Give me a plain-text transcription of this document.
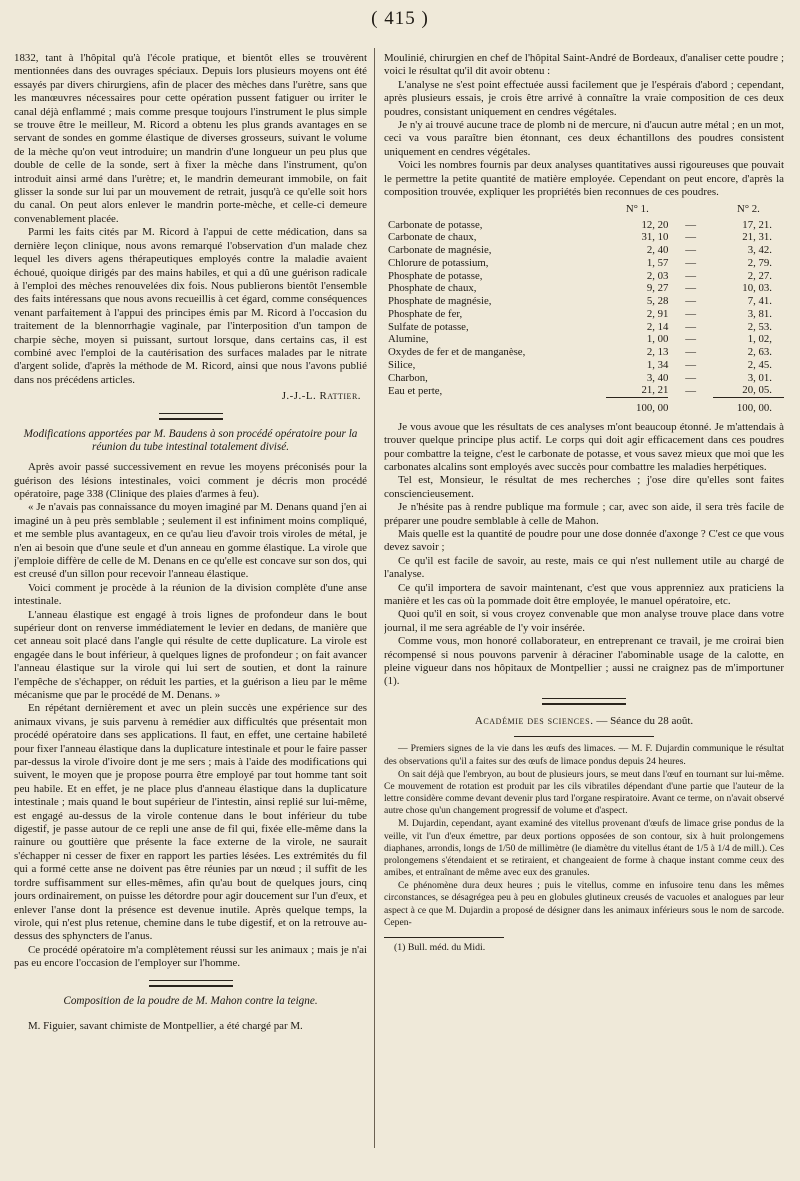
( 415 )

1832, tant à l'hôpital qu'à l'école pratique, et bientôt elles se trouvèrent mentionnées dans des ouvrages spéciaux. Depuis lors plusieurs moyens ont été essayés par divers chirurgiens, afin de placer des mèches dans l'urètre, sans que les manœuvres nécessaires pour cette opération pussent fatiguer ou irriter le canal déjà enflammé ; mais comme presque toujours l'instrument le plus simple se trouve être le meilleur, M. Ricord a obtenu les plus grands avantages en se servant de sondes en gomme élastique de diverses grosseurs, suivant le volume de la mèche qu'on veut introduire; un mandrin d'une longueur un peu plus que double de celle de la sonde, sert à fixer la mèche dans l'instrument, qu'on introduit ainsi armé dans l'urètre; et, le mandrin demeurant immobile, on fait glisser la sonde sur lui par un mouvement de retrait, jusqu'à ce qu'elle soit hors du canal. On peut alors enlever le mandrin porte-mèche, et celle-ci demeure convenablement placée.

Parmi les faits cités par M. Ricord à l'appui de cette médication, dans sa dernière leçon clinique, nous avons remarqué l'observation d'un malade chez lequel les divers agens thérapeutiques employés contre la maladie avaient échoué, quoique dirigés par des mains habiles, et qui a dû une guérison radicale à l'emploi des mèches renouvelées dix fois. Nous publierons bientôt l'ensemble des faits intéressans que nous avons recueillis à cet égard, comme conséquences venant parfaitement à l'appui des principes émis par M. Ricord à l'occasion du traitement de la blennorrhagie vaginale, par l'interposition d'un tampon de charpie sèche, moyen si puissant, surtout lorsque, dans certains cas, il est combiné avec l'emploi de la cautérisation des surfaces malades par le nitrate d'argent solide, d'après la méthode de M. Ricord, ainsi que nous l'avons publié dans nos précédens articles.

J.-J.-L. Rattier.
Modifications apportées par M. Baudens à son procédé opératoire pour la réunion du tube intestinal totalement divisé.

Après avoir passé successivement en revue les moyens préconisés pour la guérison des lésions intestinales, voici comment je décris mon procédé opératoire, page 338 (Clinique des plaies d'armes à feu).

« Je n'avais pas connaissance du moyen imaginé par M. Denans quand j'en ai imaginé un à peu près semblable ; seulement il est infiniment moins compliqué, et me semble plus avantageux, en ce qu'au lieu d'avoir trois viroles de métal, je n'en ai besoin que d'une seule et d'un anneau en gomme élastique. La virole que j'emploie diffère de celle de M. Denans en ce qu'elle est concave sur son dos, qui est creusé d'un sillon pour recevoir l'anneau élastique.

Voici comment je procède à la réunion de la division complète d'une anse intestinale.

L'anneau élastique est engagé à trois lignes de profondeur dans le bout supérieur dont on renverse immédiatement le levier en dedans, de manière que cet anneau soit placé dans l'angle qui résulte de cette duplicature. La virole est engagée dans le bout inférieur, à quelques lignes de profondeur ; on fait avancer l'anneau élastique sur la virole qui lui sert de soutien, et dont la rainure l'empêche de s'échapper, on réduit les parties, et la guérison a lieu par le même mécanisme que par le procédé de M. Denans. »

En répétant dernièrement et avec un plein succès une expérience sur des animaux vivans, je suis parvenu à remédier aux difficultés que présentait mon procédé opératoire dans ses applications. Il faut, en effet, une certaine habileté pour fixer l'anneau élastique dans la duplicature intestinale et pour le faire passer par-dessus la virole d'ivoire dont je me sers ; mais à l'aide des modifications qui suivent, le moyen que je propose pourra être employé par tout homme tant soit peu habile. Et en effet, je ne place plus d'anneau élastique dans la duplicature intestinale ; mais quand le bout supérieur de l'intestin, ainsi replié sur lui-même, est engagé au-dessus de la virole contenue dans le bout inférieur du tube digestif, je passe autour de ce repli une anse de fil qui, fixée elle-même dans la rainure ou gouttière que présente la face externe de la virole, ne saurait s'échapper ni cesser de fixer en rapport les parties lésées. Les extrémités du fil qui a formé cette anse ne doivent pas être réunies par un nœud ; il suffit de les tordre suffisamment sur elles-mêmes, afin qu'au bout de quelques jours, cinq jours ordinairement, on puisse les détordre pour agir doucement sur l'un d'eux, et enlever l'anse dont la présence est devenue inutile. Après quelque temps, la virole, qui n'est plus retenue, chemine dans le tube digestif, et on la retrouve au-dessus des sphyncters de l'anus.

Ce procédé opératoire m'a complètement réussi sur les animaux ; mais je n'ai pas eu encore l'occasion de l'employer sur l'homme.

Composition de la poudre de M. Mahon contre la teigne.

M. Figuier, savant chimiste de Montpellier, a été chargé par M.

Moulinié, chirurgien en chef de l'hôpital Saint-André de Bordeaux, d'analiser cette poudre ; voici le résultat qu'il dit avoir obtenu :

L'analyse ne s'est point effectuée aussi facilement que je l'espérais d'abord ; cependant, après plusieurs essais, je crois être arrivé à connaître la vraie composition de ces deux poudres, consistant uniquement en cendres végétales.

Je n'y ai trouvé aucune trace de plomb ni de mercure, ni d'aucun autre métal ; en un mot, ceci va vous paraître bien étonnant, ces deux échantillons des poudres consistent uniquement en cendres végétales.

Voici les nombres fournis par deux analyses quantitatives aussi rigoureuses que pouvait le permettre la petite quantité de matière employée. Cependant on peut encore, d'après la composition trouvée, expliquer les propriétés bien reconnues de ces poudres.

	N° 1.		N° 2.
Carbonate de potasse,	12, 20	—	17, 21.
Carbonate de chaux,	31, 10	—	21, 31.
Carbonate de magnésie,	2, 40	—	3, 42.
Chlorure de potassium,	1, 57	—	2, 79.
Phosphate de potasse,	2, 03	—	2, 27.
Phosphate de chaux,	9, 27	—	10, 03.
Phosphate de magnésie,	5, 28	—	7, 41.
Phosphate de fer,	2, 91	—	3, 81.
Sulfate de potasse,	2, 14	—	2, 53.
Alumine,	1, 00	—	1, 02,
Oxydes de fer et de manganèse,	2, 13	—	2, 63.
Silice,	1, 34	—	2, 45.
Charbon,	3, 40	—	3, 01.
Eau et perte,	21, 21	—	20, 05.

	100, 00		100, 00.

Je vous avoue que les résultats de ces analyses m'ont beaucoup étonné. Je m'attendais à trouver quelque principe plus actif. Le corps qui doit agir efficacement dans ces poudres pour combattre la teigne, c'est le carbonate de potasse, et vous savez mieux que moi que les carbonates alcalins sont employés avec succès pour combattre les maladies herpétiques.

Tel est, Monsieur, le résultat de mes recherches ; j'ose dire qu'elles sont faites consciencieusement.

Je n'hésite pas à rendre publique ma formule ; car, avec son aide, il sera très facile de préparer une poudre semblable à celle de Mahon.

Mais quelle est la quantité de poudre pour une dose donnée d'axonge ? C'est ce que vous devez savoir ;

Ce qu'il est facile de savoir, au reste, mais ce qui n'est nullement utile au chargé de l'analyse.

Ce qu'il importera de savoir maintenant, c'est que vous apprenniez aux praticiens la manière et les cas où la pommade doit être employée, le manuel opératoire, etc.

Quoi qu'il en soit, si vous croyez convenable que mon analyse trouve place dans votre journal, il me sera agréable de l'y voir insérée.

Comme vous, mon honoré collaborateur, en entreprenant ce travail, je me croirai bien récompensé si nous pouvons parvenir à déraciner l'abominable usage de la calotte, en pleine vigueur dans nos hôpitaux de Montpellier ; aussi ne craignez pas de m'importuner (1).

Académie des sciences. — Séance du 28 août.

— Premiers signes de la vie dans les œufs des limaces. — M. F. Dujardin communique le résultat des observations qu'il a faites sur des œufs de limace pondus depuis 24 heures.

On sait déjà que l'embryon, au bout de plusieurs jours, se meut dans l'œuf en tournant sur lui-même. Ce mouvement de rotation est produit par les cils vibratiles dépendant d'une partie que l'auteur de la lettre considère comme devant devenir plus tard l'organe respiratoire. Avant ce terme, on n'avait observé autre chose qu'un changement progressif de volume et d'aspect.

M. Dujardin, cependant, ayant examiné des vitellus provenant d'œufs de limace grise pondus de la veille, vit l'un d'eux émettre, par deux portions opposées de son contour, six à huit prolongemens diaphanes, arrondis, longs de 1/50 de millimètre (le diamètre du vitellus étant de 1/5 à 1/4 de mill.). Ces prolongemens s'étendaient et se retiraient, et changeaient de forme à chaque instant comme ceux des amibes, et entraînant de même avec eux des granules.

Ce phénomène dura deux heures ; puis le vitellus, comme en infusoire tenu dans les mêmes circonstances, se désagrégea peu à peu en globules glutineux creusés de vacuoles et analogues par leur aspect à ce que M. Dujardin a proposé de désigner dans les animaux inférieurs sous le nom de sarcode. Cepen-

(1) Bull. méd. du Midi.
